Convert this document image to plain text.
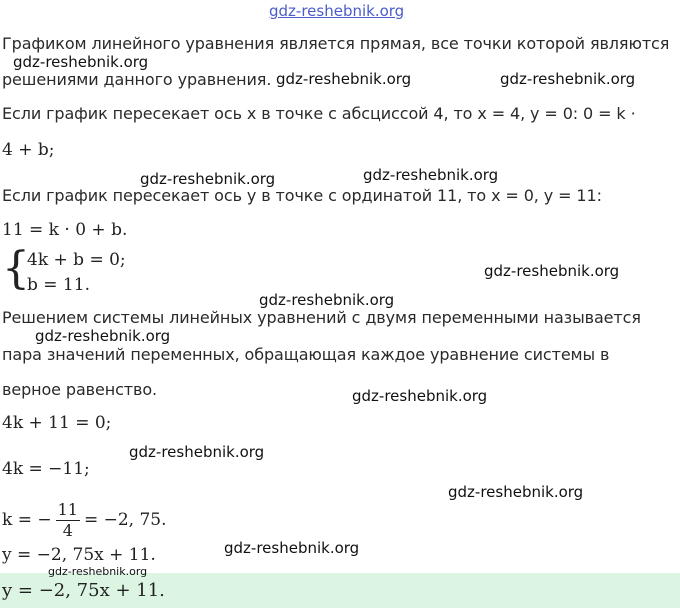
gdz-reshebnik.org
Графиком линейного уравнения является прямая, все точки которой являются
gdz-reshebnik.org
решениями данного уравнения. gdz-reshebnik.org	gdz-reshebnik.org
Если график пересекает ось x в точке с абсциссой 4, то x = 4, y = 0: 0 = k ·
4 + b;
gdz-reshebnik.org	gdz-reshebnik.org
Если график пересекает ось y в точке с ординатой 11, то x = 0, y = 11:
11 = k · 0 + b.
{
4k + b = 0;
b = 11.
gdz-reshebnik.org
gdz-reshebnik.org
Решением системы линейных уравнений с двумя переменными называется
gdz-reshebnik.org
пара значений переменных, обращающая каждое уравнение системы в
верное равенство.	gdz-reshebnik.org
4k + 11 = 0;
gdz-reshebnik.org
4k = −11;
gdz-reshebnik.org
k = − $\frac{11}{4} = -2$, 75.
gdz-reshebnik.org
y = −2, 75x + 11.
gdz-reshebnik.org
y = −2, 75x + 11.
